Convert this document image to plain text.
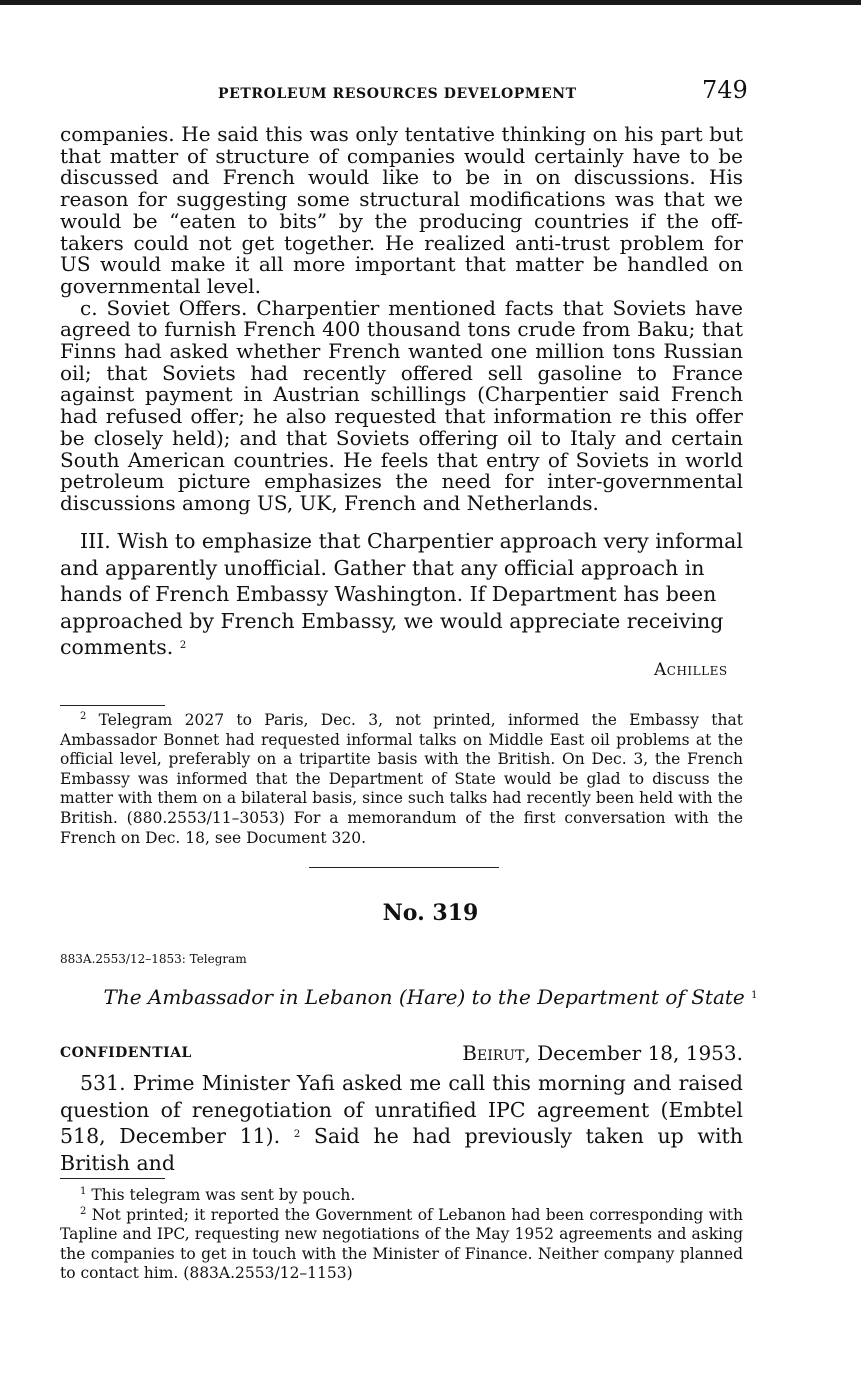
PETROLEUM RESOURCES DEVELOPMENT	749

companies. He said this was only tentative thinking on his part but that matter of structure of companies would certainly have to be discussed and French would like to be in on discussions. His reason for suggesting some structural modifications was that we would be “eaten to bits” by the producing countries if the off-takers could not get together. He realized anti-trust problem for US would make it all more important that matter be handled on governmental level.

c. Soviet Offers. Charpentier mentioned facts that Soviets have agreed to furnish French 400 thousand tons crude from Baku; that Finns had asked whether French wanted one million tons Russian oil; that Soviets had recently offered sell gasoline to France against payment in Austrian schillings (Charpentier said French had refused offer; he also requested that information re this offer be closely held); and that Soviets offering oil to Italy and certain South American countries. He feels that entry of Soviets in world petroleum picture emphasizes the need for inter-governmental discussions among US, UK, French and Netherlands.

III. Wish to emphasize that Charpentier approach very informal and apparently unofficial. Gather that any official approach in hands of French Embassy Washington. If Department has been approached by French Embassy, we would appreciate receiving comments. $^2$

Achilles

$^2$ Telegram 2027 to Paris, Dec. 3, not printed, informed the Embassy that Ambassador Bonnet had requested informal talks on Middle East oil problems at the official level, preferably on a tripartite basis with the British. On Dec. 3, the French Embassy was informed that the Department of State would be glad to discuss the matter with them on a bilateral basis, since such talks had recently been held with the British. (880.2553/11–3053) For a memorandum of the first conversation with the French on Dec. 18, see Document 320.

No. 319
883A.2553/12–1853: Telegram
The Ambassador in Lebanon (Hare) to the Department of State $^1$
CONFIDENTIAL	Beirut, December 18, 1953.

531. Prime Minister Yafi asked me call this morning and raised question of renegotiation of unratified IPC agreement (Embtel 518, December 11). $^2$ Said he had previously taken up with British and

$^1$ This telegram was sent by pouch.

$^2$ Not printed; it reported the Government of Lebanon had been corresponding with Tapline and IPC, requesting new negotiations of the May 1952 agreements and asking the companies to get in touch with the Minister of Finance. Neither company planned to contact him. (883A.2553/12–1153)
